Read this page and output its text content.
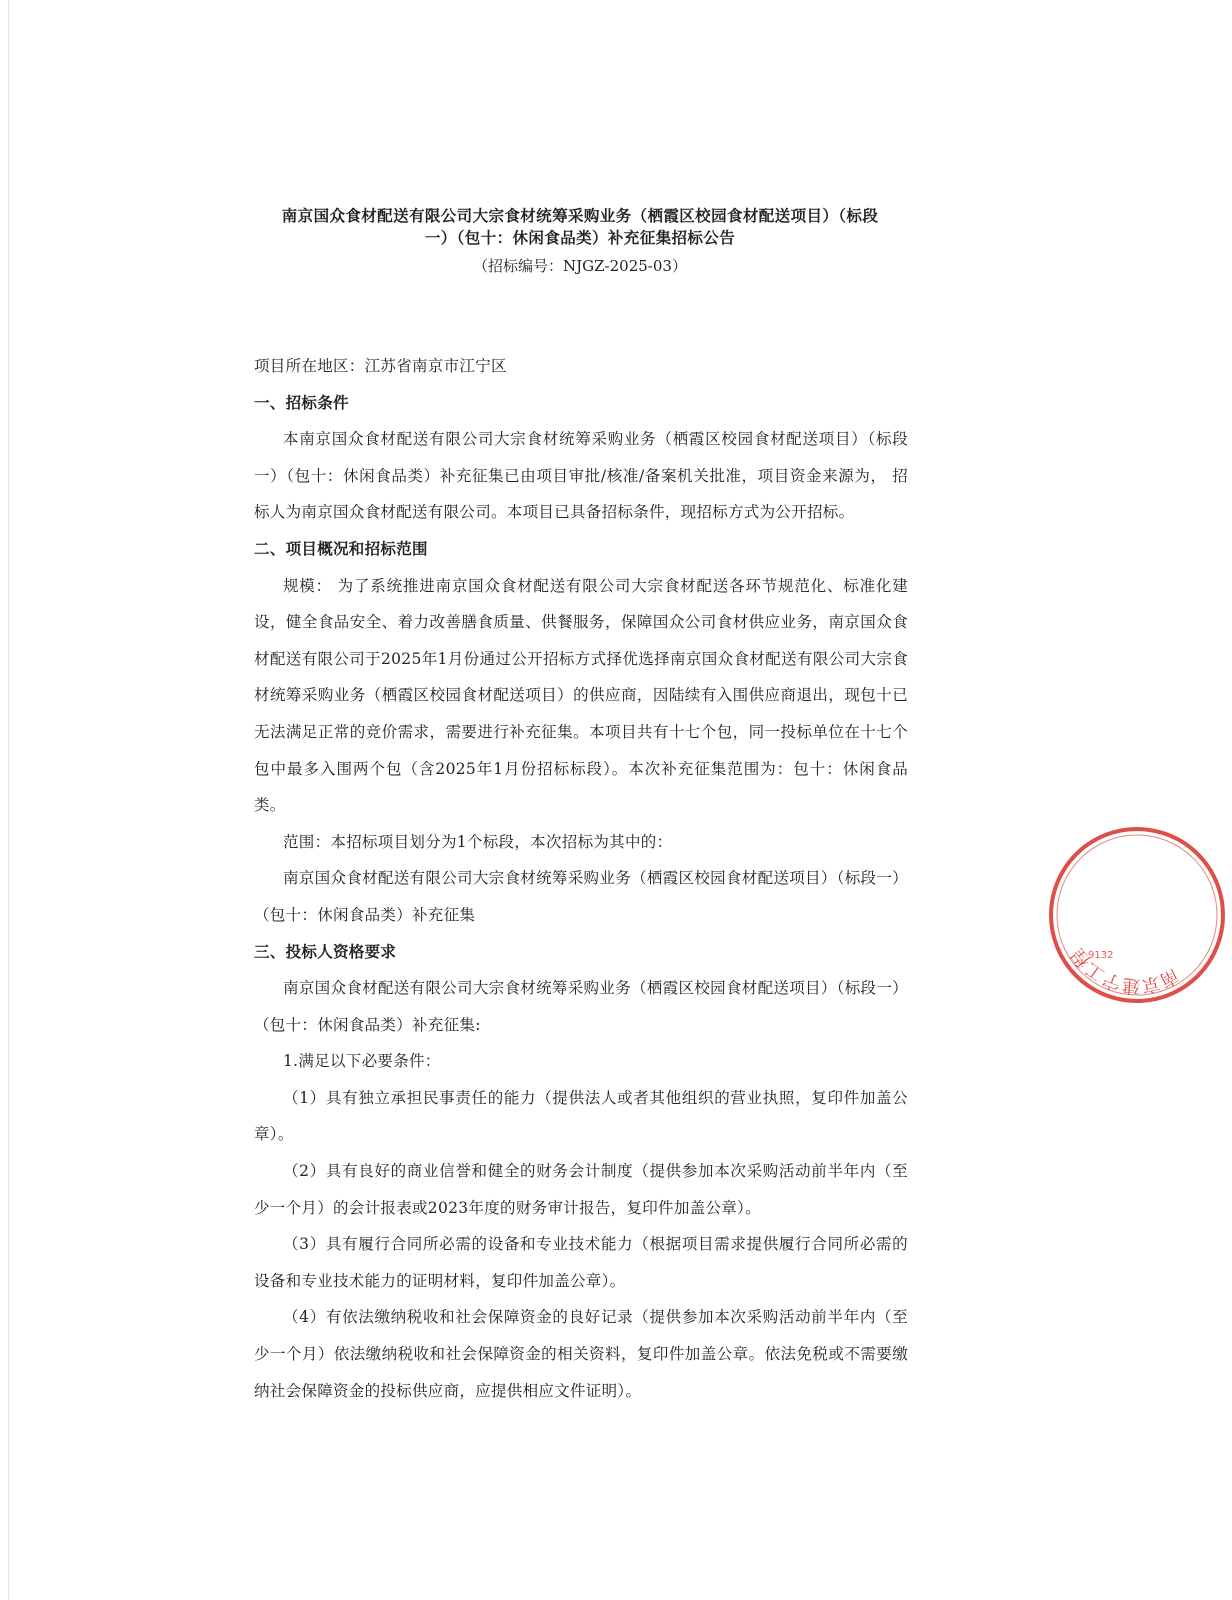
南京国众食材配送有限公司大宗食材统筹采购业务（栖霞区校园食材配送项目）（标段
一）（包十：休闲食品类）补充征集招标公告
（招标编号：NJGZ-2025-03）

项目所在地区：江苏省南京市江宁区

一、招标条件

本南京国众食材配送有限公司大宗食材统筹采购业务（栖霞区校园食材配送项目）（标段一）（包十：休闲食品类）补充征集已由项目审批/核准/备案机关批准，项目资金来源为， 招标人为南京国众食材配送有限公司。本项目已具备招标条件，现招标方式为公开招标。

二、项目概况和招标范围

规模： 为了系统推进南京国众食材配送有限公司大宗食材配送各环节规范化、标准化建设，健全食品安全、着力改善膳食质量、供餐服务，保障国众公司食材供应业务，南京国众食材配送有限公司于2025年1月份通过公开招标方式择优选择南京国众食材配送有限公司大宗食材统筹采购业务（栖霞区校园食材配送项目）的供应商，因陆续有入围供应商退出，现包十已无法满足正常的竞价需求，需要进行补充征集。本项目共有十七个包，同一投标单位在十七个包中最多入围两个包（含2025年1月份招标标段）。本次补充征集范围为：包十：休闲食品类。

范围：本招标项目划分为1个标段，本次招标为其中的：

南京国众食材配送有限公司大宗食材统筹采购业务（栖霞区校园食材配送项目）（标段一）（包十：休闲食品类）补充征集

三、投标人资格要求

南京国众食材配送有限公司大宗食材统筹采购业务（栖霞区校园食材配送项目）（标段一）（包十：休闲食品类）补充征集:

1.满足以下必要条件：

（1）具有独立承担民事责任的能力（提供法人或者其他组织的营业执照，复印件加盖公章）。

（2）具有良好的商业信誉和健全的财务会计制度（提供参加本次采购活动前半年内（至少一个月）的会计报表或2023年度的财务审计报告，复印件加盖公章）。

（3）具有履行合同所必需的设备和专业技术能力（根据项目需求提供履行合同所必需的设备和专业技术能力的证明材料，复印件加盖公章）。

（4）有依法缴纳税收和社会保障资金的良好记录（提供参加本次采购活动前半年内（至少一个月）依法缴纳税收和社会保障资金的相关资料，复印件加盖公章。依法免税或不需要缴纳社会保障资金的投标供应商，应提供相应文件证明）。

南京建宁工程
9132
